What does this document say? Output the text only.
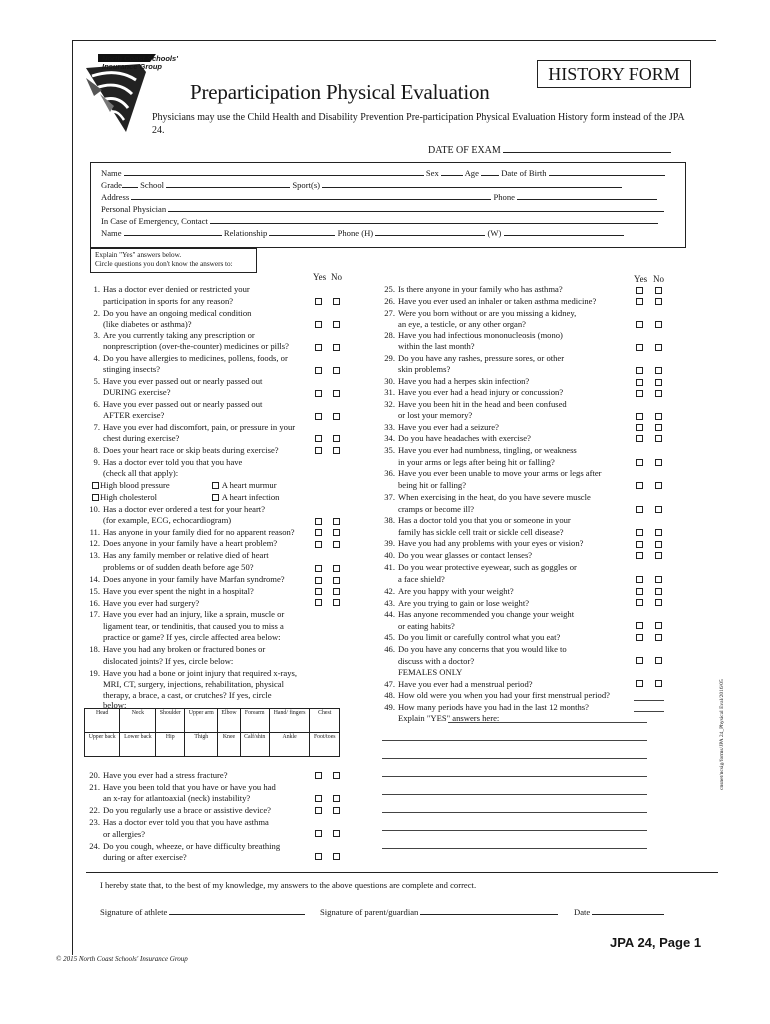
North Coast Schools'
Insurance Group
Preparticipation Physical Evaluation
HISTORY FORM
Physicians may use the Child Health and Disability Prevention Pre-participation Physical Evaluation History form instead of the JPA 24.
DATE OF EXAM
Name	Sex	Age	Date of Birth
Grade School	Sport(s)
Address	Phone
Personal Physician
In Case of Emergency, Contact
Name	Relationship	Phone (H)	(W)
Explain "Yes" answers below.
Circle questions you don't know the answers to:
Yes No	Yes No
1. Has a doctor ever denied or restricted your
participation in sports for any reason?
2. Do you have an ongoing medical condition
(like diabetes or asthma)?
3. Are you currently taking any prescription or
nonprescription (over-the-counter) medicines or pills?
4. Do you have allergies to medicines, pollens, foods, or
stinging insects?
5. Have you ever passed out or nearly passed out
DURING exercise?
6. Have you ever passed out or nearly passed out
AFTER exercise?
7. Have you ever had discomfort, pain, or pressure in your
chest during exercise?
8. Does your heart race or skip beats during exercise?
9. Has a doctor ever told you that you have
(check all that apply):
High blood pressure	A heart murmur
High cholesterol	A heart infection
10. Has a doctor ever ordered a test for your heart?
(for example, ECG, echocardiogram)
11. Has anyone in your family died for no apparent reason?
12. Does anyone in your family have a heart problem?
13. Has any family member or relative died of heart
problems or of sudden death before age 50?
14. Does anyone in your family have Marfan syndrome?
15. Have you ever spent the night in a hospital?
16. Have you ever had surgery?
17. Have you ever had an injury, like a sprain, muscle or
ligament tear, or tendinitis, that caused you to miss a
practice or game? If yes, circle affected area below:
18. Have you had any broken or fractured bones or
dislocated joints? If yes, circle below:
19. Have you had a bone or joint injury that required x-rays,
MRI, CT, surgery, injections, rehabilitation, physical
therapy, a brace, a cast, or crutches? If yes, circle
below:
Head	Neck	Shoulder	Upper arm	Elbow	Forearm	Hand/ fingers	Chest
Upper back	Lower back	Hip	Thigh	Knee	Calf/shin	Ankle	Foot/toes
20. Have you ever had a stress fracture?
21. Have you been told that you have or have you had
an x-ray for atlantoaxial (neck) instability?
22. Do you regularly use a brace or assistive device?
23. Has a doctor ever told you that you have asthma
or allergies?
24. Do you cough, wheeze, or have difficulty breathing
during or after exercise?
25. Is there anyone in your family who has asthma?
26. Have you ever used an inhaler or taken asthma medicine?
27. Were you born without or are you missing a kidney,
an eye, a testicle, or any other organ?
28. Have you had infectious mononucleosis (mono)
within the last month?
29. Do you have any rashes, pressure sores, or other
skin problems?
30. Have you had a herpes skin infection?
31. Have you ever had a head injury or concussion?
32. Have you been hit in the head and been confused
or lost your memory?
33. Have you ever had a seizure?
34. Do you have headaches with exercise?
35. Have you ever had numbness, tingling, or weakness
in your arms or legs after being hit or falling?
36. Have you ever been unable to move your arms or legs after
being hit or falling?
37. When exercising in the heat, do you have severe muscle
cramps or become ill?
38. Has a doctor told you that you or someone in your
family has sickle cell trait or sickle cell disease?
39. Have you had any problems with your eyes or vision?
40. Do you wear glasses or contact lenses?
41. Do you wear protective eyewear, such as goggles or
a face shield?
42. Are you happy with your weight?
43. Are you trying to gain or lose weight?
44. Has anyone recommended you change your weight
or eating habits?
45. Do you limit or carefully control what you eat?
46. Do you have any concerns that you would like to
discuss with a doctor?
FEMALES ONLY
47. Have you ever had a menstrual period?
48. How old were you when you had your first menstrual period?
49. How many periods have you had in the last 12 months?
Explain "YES" answers here:
I hereby state that, to the best of my knowledge, my answers to the above questions are complete and correct.
Signature of athlete	Signature of parent/guardian	Date
JPA 24, Page 1
© 2015 North Coast Schools' Insurance Group
cnsnet/ncsig/forms/JPA 24_Physical Eval/2016/05
